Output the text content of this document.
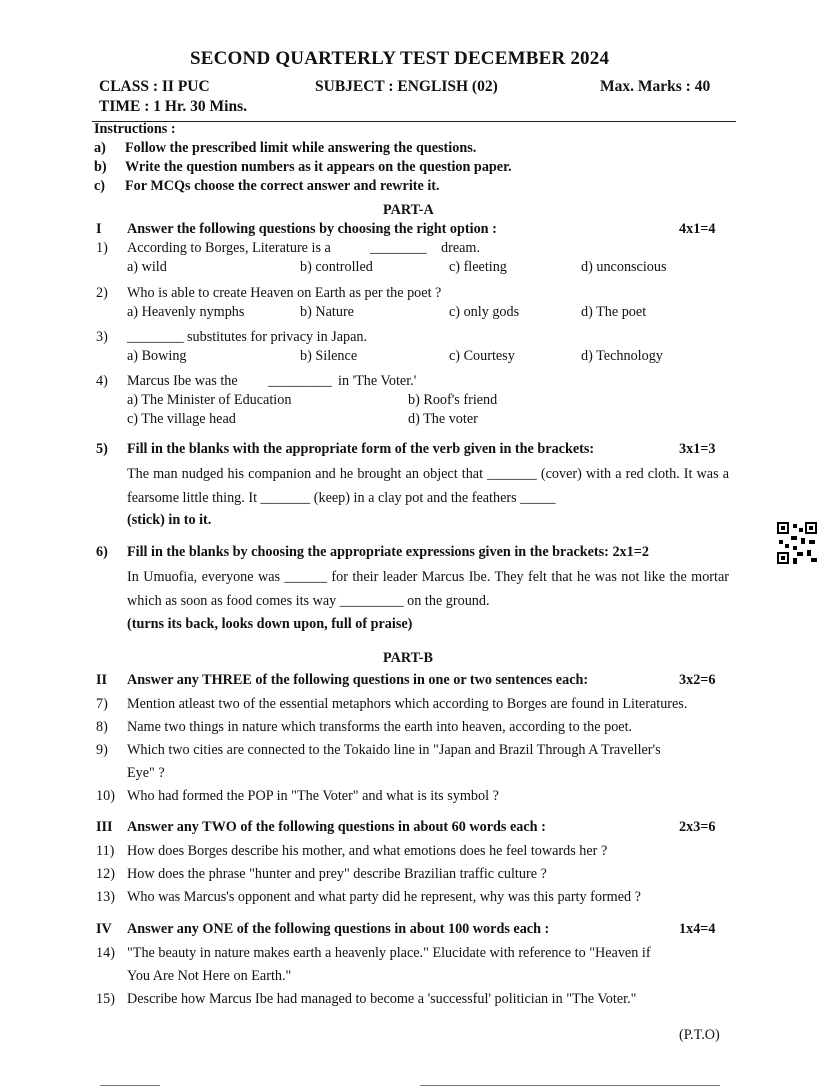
SECOND QUARTERLY TEST DECEMBER 2024
CLASS : II PUC	SUBJECT : ENGLISH (02)	Max. Marks : 40
TIME : 1 Hr. 30 Mins.
Instructions :
a) Follow the prescribed limit while answering the questions.
b) Write the question numbers as it appears on the question paper.
c) For MCQs choose the correct answer and rewrite it.
PART-A
I Answer the following questions by choosing the right option :	4x1=4
1) According to Borges, Literature is a	________ dream.
a) wild	b) controlled	c) fleeting	d) unconscious
2) Who is able to create Heaven on Earth as per the poet ?
a) Heavenly nymphs	b) Nature	c) only gods	d) The poet
3) ________ substitutes for privacy in Japan.
a) Bowing	b) Silence	c) Courtesy	d) Technology
4) Marcus Ibe was the _________ in 'The Voter.'
a) The Minister of Education	b) Roof's friend
c) The village head	d) The voter
5) Fill in the blanks with the appropriate form of the verb given in the brackets:	3x1=3
The man nudged his companion and he brought an object that _______ (cover) with a red cloth. It was a fearsome little thing. It _______ (keep) in a clay pot and the feathers _____
(stick) in to it.
6) Fill in the blanks by choosing the appropriate expressions given in the brackets: 2x1=2
In Umuofia, everyone was ______ for their leader Marcus Ibe. They felt that he was not like the mortar which as soon as food comes its way _________ on the ground.
(turns its back, looks down upon, full of praise)
PART-B
II Answer any THREE of the following questions in one or two sentences each:	3x2=6
7) Mention atleast two of the essential metaphors which according to Borges are found in Literatures.
8) Name two things in nature which transforms the earth into heaven, according to the poet.
9) Which two cities are connected to the Tokaido line in "Japan and Brazil Through A Traveller's
Eye" ?
10) Who had formed the POP in "The Voter" and what is its symbol ?
III Answer any TWO of the following questions in about 60 words each :	2x3=6
11) How does Borges describe his mother, and what emotions does he feel towards her ?
12) How does the phrase "hunter and prey" describe Brazilian traffic culture ?
13) Who was Marcus's opponent and what party did he represent, why was this party formed ?
IV Answer any ONE of the following questions in about 100 words each :	1x4=4
14) "The beauty in nature makes earth a heavenly place." Elucidate with reference to "Heaven if
You Are Not Here on Earth."
15) Describe how Marcus Ibe had managed to become a 'successful' politician in "The Voter."
(P.T.O)
